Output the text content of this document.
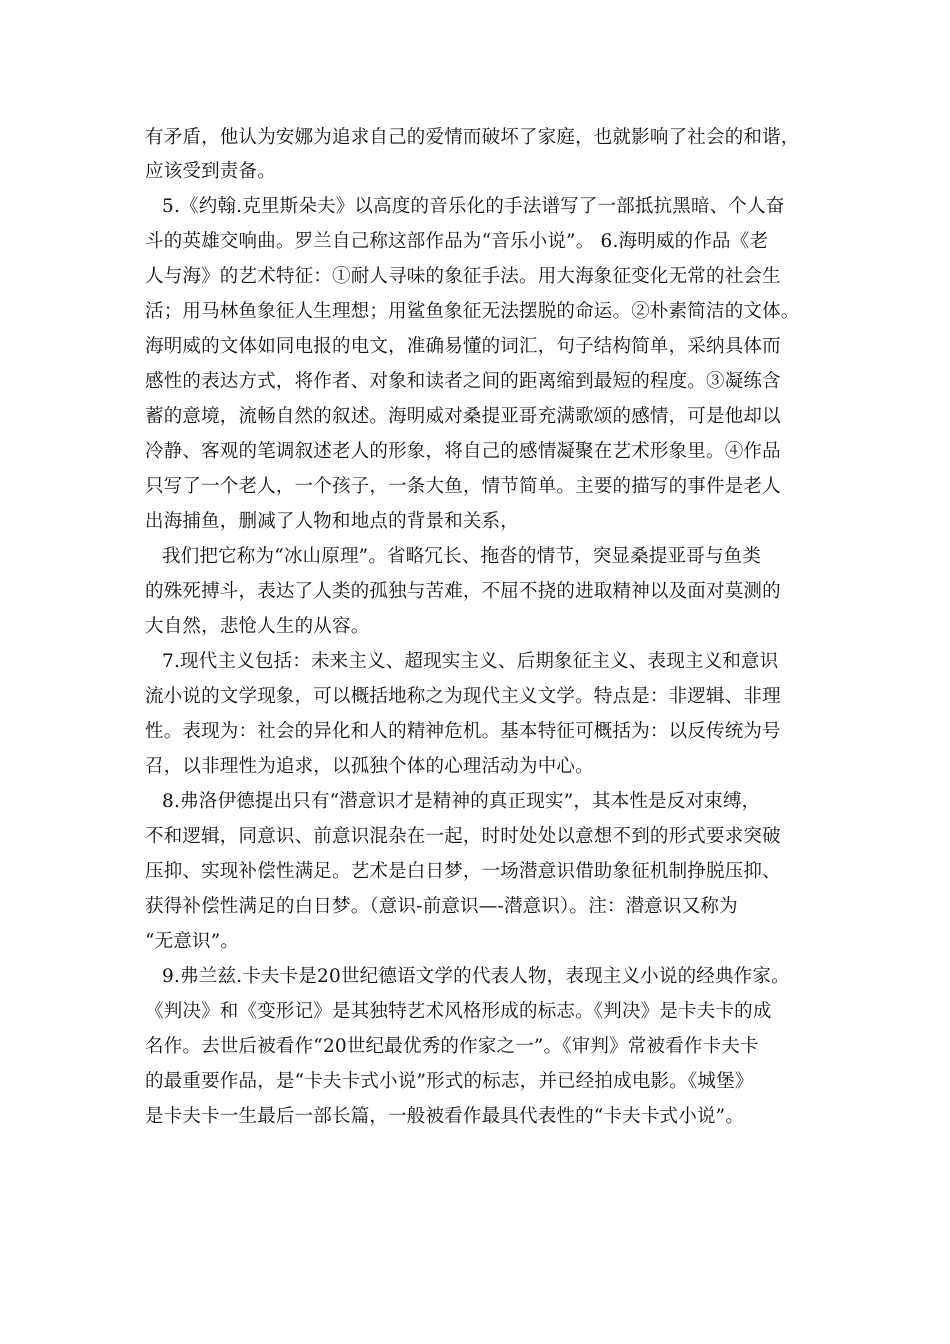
有矛盾，他认为安娜为追求自己的爱情而破坏了家庭，也就影响了社会的和谐，
应该受到责备。
5.《约翰.克里斯朵夫》以高度的音乐化的手法谱写了一部抵抗黑暗、个人奋
斗的英雄交响曲。罗兰自己称这部作品为“音乐小说”。 6.海明威的作品《老
人与海》的艺术特征：①耐人寻味的象征手法。用大海象征变化无常的社会生
活；用马林鱼象征人生理想；用鲨鱼象征无法摆脱的命运。②朴素简洁的文体。
海明威的文体如同电报的电文，准确易懂的词汇，句子结构简单，采纳具体而
感性的表达方式，将作者、对象和读者之间的距离缩到最短的程度。③凝练含
蓄的意境，流畅自然的叙述。海明威对桑提亚哥充满歌颂的感情，可是他却以
冷静、客观的笔调叙述老人的形象，将自己的感情凝聚在艺术形象里。④作品
只写了一个老人，一个孩子，一条大鱼，情节简单。主要的描写的事件是老人
出海捕鱼，删减了人物和地点的背景和关系，
我们把它称为“冰山原理”。省略冗长、拖沓的情节，突显桑提亚哥与鱼类
的殊死搏斗，表达了人类的孤独与苦难，不屈不挠的进取精神以及面对莫测的
大自然，悲怆人生的从容。
7.现代主义包括：未来主义、超现实主义、后期象征主义、表现主义和意识
流小说的文学现象，可以概括地称之为现代主义文学。特点是：非逻辑、非理
性。表现为：社会的异化和人的精神危机。基本特征可概括为：以反传统为号
召，以非理性为追求，以孤独个体的心理活动为中心。
8.弗洛伊德提出只有“潜意识才是精神的真正现实”，其本性是反对束缚，
不和逻辑，同意识、前意识混杂在一起，时时处处以意想不到的形式要求突破
压抑、实现补偿性满足。艺术是白日梦，一场潜意识借助象征机制挣脱压抑、
获得补偿性满足的白日梦。（意识-前意识—-潜意识）。注：潜意识又称为
“无意识”。
9.弗兰兹.卡夫卡是20世纪德语文学的代表人物，表现主义小说的经典作家。
《判决》和《变形记》是其独特艺术风格形成的标志。《判决》是卡夫卡的成
名作。去世后被看作“20世纪最优秀的作家之一”。《审判》常被看作卡夫卡
的最重要作品，是“卡夫卡式小说”形式的标志，并已经拍成电影。《城堡》
是卡夫卡一生最后一部长篇，一般被看作最具代表性的“卡夫卡式小说”。
